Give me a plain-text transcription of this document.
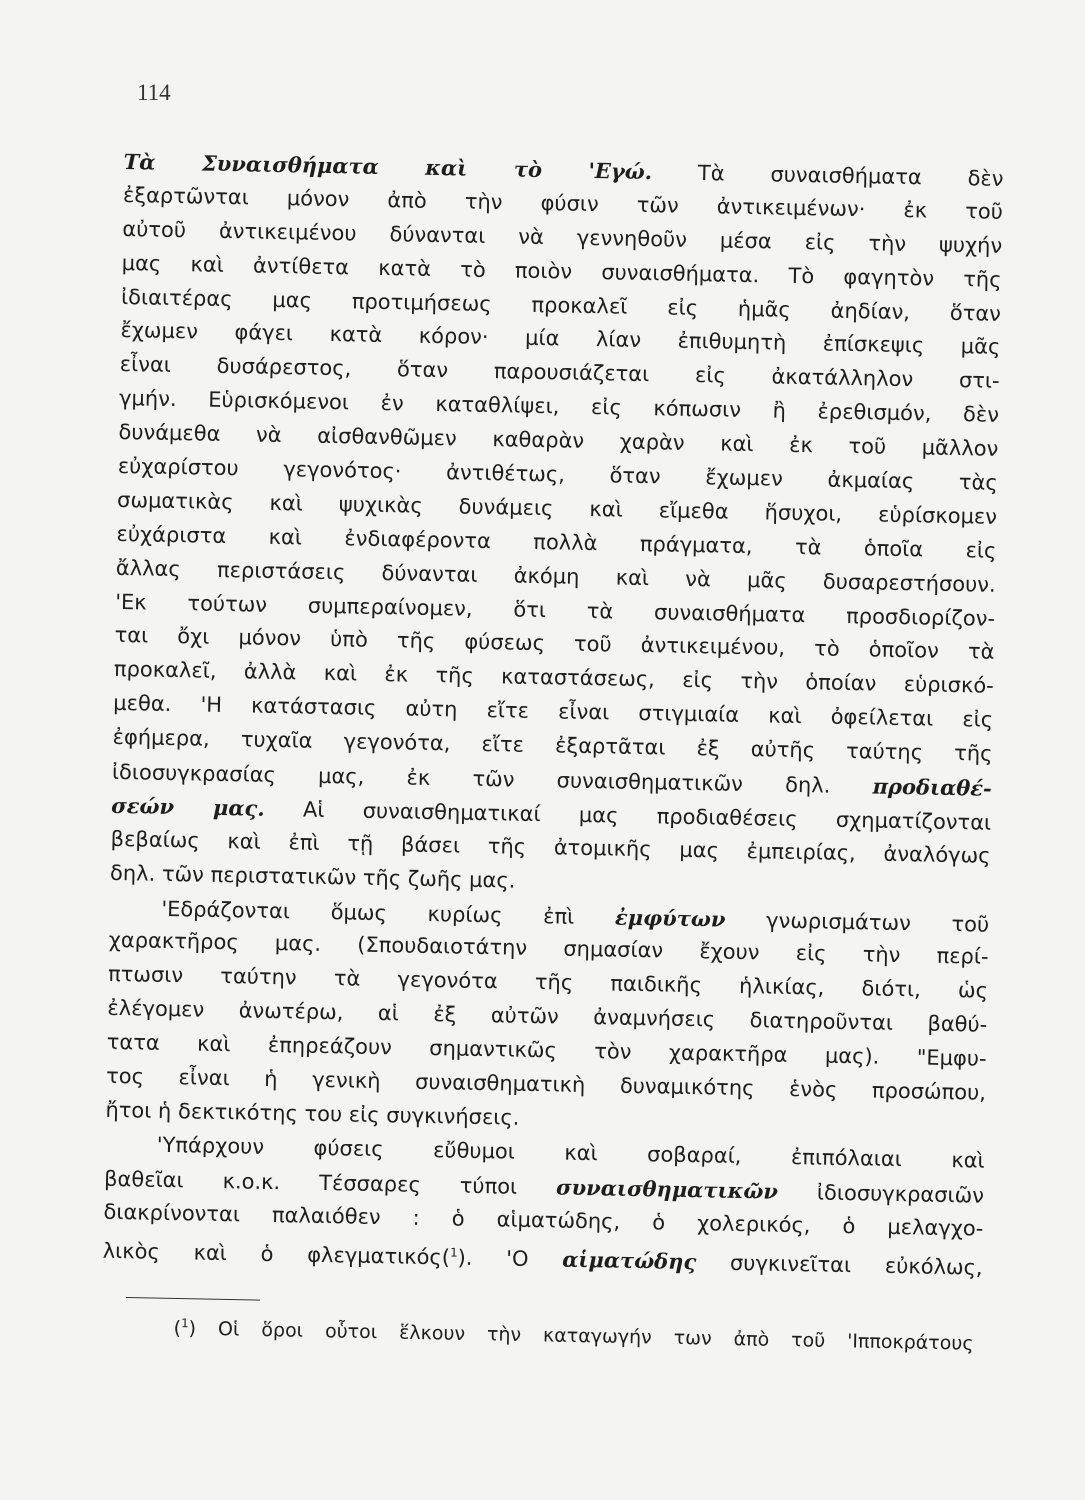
114
Τὰ Συναισθήματα καὶ τὸ 'Εγώ. Τὰ συναισθήματα δὲν
ἐξαρτῶνται μόνον ἀπὸ τὴν φύσιν τῶν ἀντικειμένων· ἐκ τοῦ
αὐτοῦ ἀντικειμένου δύνανται νὰ γεννηθοῦν μέσα εἰς τὴν ψυχήν
μας καὶ ἀντίθετα κατὰ τὸ ποιὸν συναισθήματα. Τὸ φαγητὸν τῆς
ἰδιαιτέρας μας προτιμήσεως προκαλεῖ εἰς ἡμᾶς ἀηδίαν, ὅταν
ἔχωμεν φάγει κατὰ κόρον· μία λίαν ἐπιθυμητὴ ἐπίσκεψις μᾶς
εἶναι δυσάρεστος, ὅταν παρουσιάζεται εἰς ἀκατάλληλον στι-
γμήν. Εὑρισκόμενοι ἐν καταθλίψει, εἰς κόπωσιν ἢ ἐρεθισμόν, δὲν
δυνάμεθα νὰ αἰσθανθῶμεν καθαρὰν χαρὰν καὶ ἐκ τοῦ μᾶλλον
εὐχαρίστου γεγονότος· ἀντιθέτως, ὅταν ἔχωμεν ἀκμαίας τὰς
σωματικὰς καὶ ψυχικὰς δυνάμεις καὶ εἴμεθα ἥσυχοι, εὑρίσκομεν
εὐχάριστα καὶ ἐνδιαφέροντα πολλὰ πράγματα, τὰ ὁποῖα εἰς
ἄλλας περιστάσεις δύνανται ἀκόμη καὶ νὰ μᾶς δυσαρεστήσουν.
'Εκ τούτων συμπεραίνομεν, ὅτι τὰ συναισθήματα προσδιορίζον-
ται ὄχι μόνον ὑπὸ τῆς φύσεως τοῦ ἀντικειμένου, τὸ ὁποῖον τὰ
προκαλεῖ, ἀλλὰ καὶ ἐκ τῆς καταστάσεως, εἰς τὴν ὁποίαν εὑρισκό-
μεθα. 'Η κατάστασις αὐτη εἴτε εἶναι στιγμιαία καὶ ὀφείλεται εἰς
ἐφήμερα, τυχαῖα γεγονότα, εἴτε ἐξαρτᾶται ἐξ αὐτῆς ταύτης τῆς
ἰδιοσυγκρασίας μας, ἐκ τῶν συναισθηματικῶν δηλ. προδιαθέ-
σεών μας. Αἱ συναισθηματικαί μας προδιαθέσεις σχηματίζονται
βεβαίως καὶ ἐπὶ τῇ βάσει τῆς ἀτομικῆς μας ἐμπειρίας, ἀναλόγως
δηλ. τῶν περιστατικῶν τῆς ζωῆς μας.
'Εδράζονται ὅμως κυρίως ἐπὶ ἐμφύτων γνωρισμάτων τοῦ
χαρακτῆρος μας. (Σπουδαιοτάτην σημασίαν ἔχουν εἰς τὴν περί-
πτωσιν ταύτην τὰ γεγονότα τῆς παιδικῆς ἡλικίας, διότι, ὡς
ἐλέγομεν ἀνωτέρω, αἱ ἐξ αὐτῶν ἀναμνήσεις διατηροῦνται βαθύ-
τατα καὶ ἐπηρεάζουν σημαντικῶς τὸν χαρακτῆρα μας). "Εμφυ-
τος εἶναι ἡ γενικὴ συναισθηματικὴ δυναμικότης ἑνὸς προσώπου,
ἤτοι ἡ δεκτικότης του εἰς συγκινήσεις.
'Υπάρχουν φύσεις εὔθυμοι καὶ σοβαραί, ἐπιπόλαιαι καὶ
βαθεῖαι κ.ο.κ. Τέσσαρες τύποι συναισθηματικῶν ἰδιοσυγκρασιῶν
διακρίνονται παλαιόθεν : ὁ αἱματώδης, ὁ χολερικός, ὁ μελαγχο-
λικὸς καὶ ὁ φλεγματικός($^1$). 'Ο αἱματώδης συγκινεῖται εὐκόλως,
($^1$) Οἱ ὅροι οὗτοι ἕλκουν τὴν καταγωγήν των ἀπὸ τοῦ 'Ιπποκράτους
